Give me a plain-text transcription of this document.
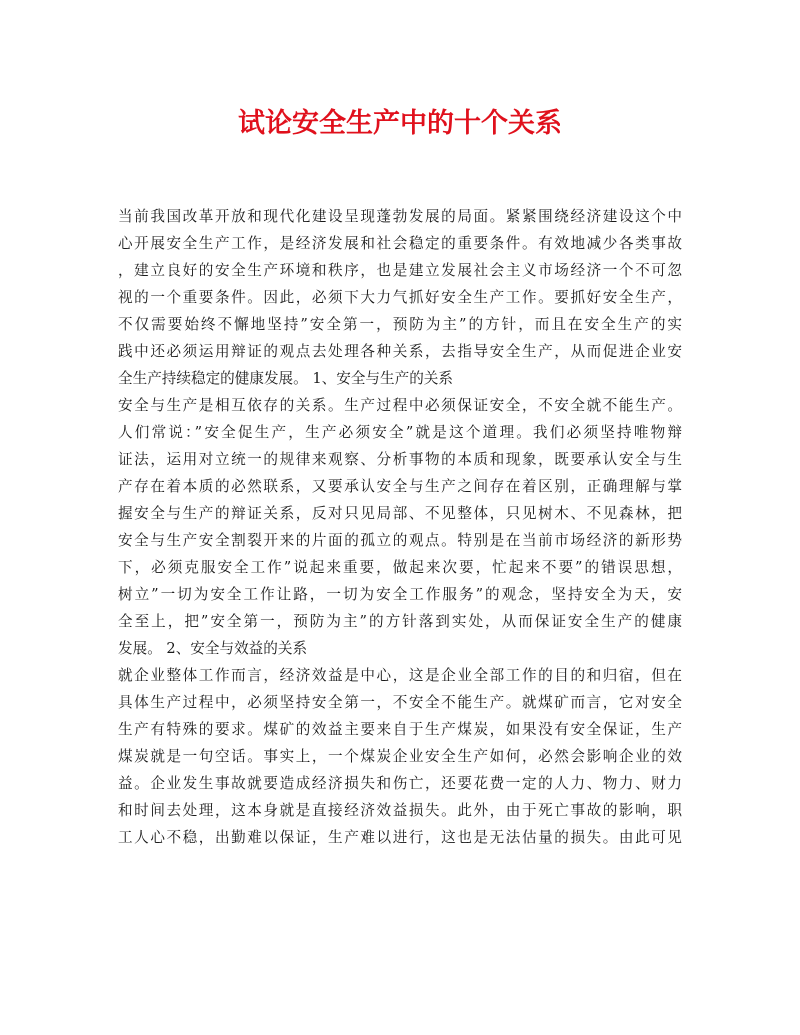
试论安全生产中的十个关系
当前我国改革开放和现代化建设呈现蓬勃发展的局面。紧紧围绕经济建设这个中
心开展安全生产工作，是经济发展和社会稳定的重要条件。有效地减少各类事故
，建立良好的安全生产环境和秩序，也是建立发展社会主义市场经济一个不可忽
视的一个重要条件。因此，必须下大力气抓好安全生产工作。要抓好安全生产，
不仅需要始终不懈地坚持”安全第一，预防为主”的方针，而且在安全生产的实
践中还必须运用辩证的观点去处理各种关系，去指导安全生产，从而促进企业安
全生产持续稳定的健康发展。 1、安全与生产的关系
安全与生产是相互依存的关系。生产过程中必须保证安全，不安全就不能生产。
人们常说：”安全促生产，生产必须安全”就是这个道理。我们必须坚持唯物辩
证法，运用对立统一的规律来观察、分析事物的本质和现象，既要承认安全与生
产存在着本质的必然联系，又要承认安全与生产之间存在着区别，正确理解与掌
握安全与生产的辩证关系，反对只见局部、不见整体，只见树木、不见森林，把
安全与生产安全割裂开来的片面的孤立的观点。特别是在当前市场经济的新形势
下，必须克服安全工作”说起来重要，做起来次要，忙起来不要”的错误思想，
树立”一切为安全工作让路，一切为安全工作服务”的观念，坚持安全为天，安
全至上，把”安全第一，预防为主”的方针落到实处，从而保证安全生产的健康
发展。 2、安全与效益的关系
就企业整体工作而言，经济效益是中心，这是企业全部工作的目的和归宿，但在
具体生产过程中，必须坚持安全第一，不安全不能生产。就煤矿而言，它对安全
生产有特殊的要求。煤矿的效益主要来自于生产煤炭，如果没有安全保证，生产
煤炭就是一句空话。事实上，一个煤炭企业安全生产如何，必然会影响企业的效
益。企业发生事故就要造成经济损失和伤亡，还要花费一定的人力、物力、财力
和时间去处理，这本身就是直接经济效益损失。此外，由于死亡事故的影响，职
工人心不稳，出勤难以保证，生产难以进行，这也是无法估量的损失。由此可见
